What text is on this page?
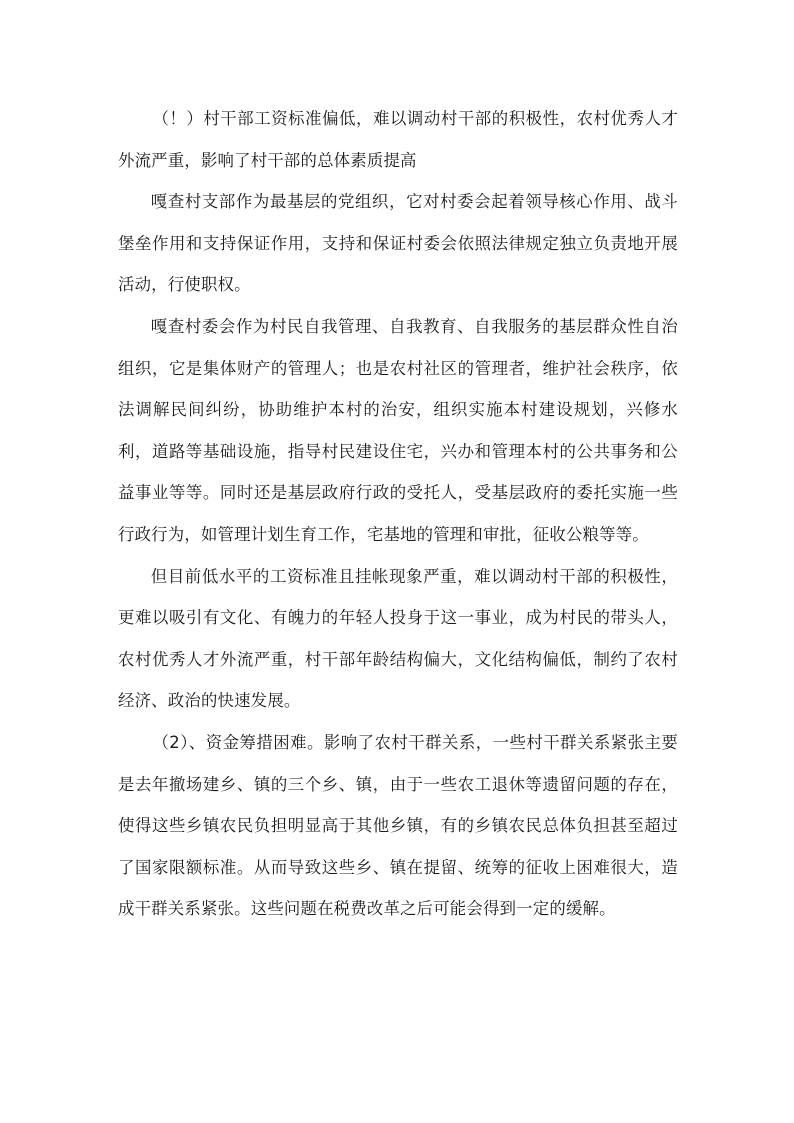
（！）村干部工资标准偏低，难以调动村干部的积极性，农村优秀人才外流严重，影响了村干部的总体素质提高

嘎查村支部作为最基层的党组织，它对村委会起着领导核心作用、战斗堡垒作用和支持保证作用，支持和保证村委会依照法律规定独立负责地开展活动，行使职权。

嘎查村委会作为村民自我管理、自我教育、自我服务的基层群众性自治组织，它是集体财产的管理人；也是农村社区的管理者，维护社会秩序，依法调解民间纠纷，协助维护本村的治安，组织实施本村建设规划，兴修水利，道路等基础设施，指导村民建设住宅，兴办和管理本村的公共事务和公益事业等等。同时还是基层政府行政的受托人，受基层政府的委托实施一些行政行为，如管理计划生育工作，宅基地的管理和审批，征收公粮等等。

但目前低水平的工资标准且挂帐现象严重，难以调动村干部的积极性，更难以吸引有文化、有魄力的年轻人投身于这一事业，成为村民的带头人，农村优秀人才外流严重，村干部年龄结构偏大，文化结构偏低，制约了农村经济、政治的快速发展。

（2）、资金筹措困难。影响了农村干群关系，一些村干群关系紧张主要是去年撤场建乡、镇的三个乡、镇，由于一些农工退休等遗留问题的存在，使得这些乡镇农民负担明显高于其他乡镇，有的乡镇农民总体负担甚至超过了国家限额标准。从而导致这些乡、镇在提留、统筹的征收上困难很大，造成干群关系紧张。这些问题在税费改革之后可能会得到一定的缓解。
